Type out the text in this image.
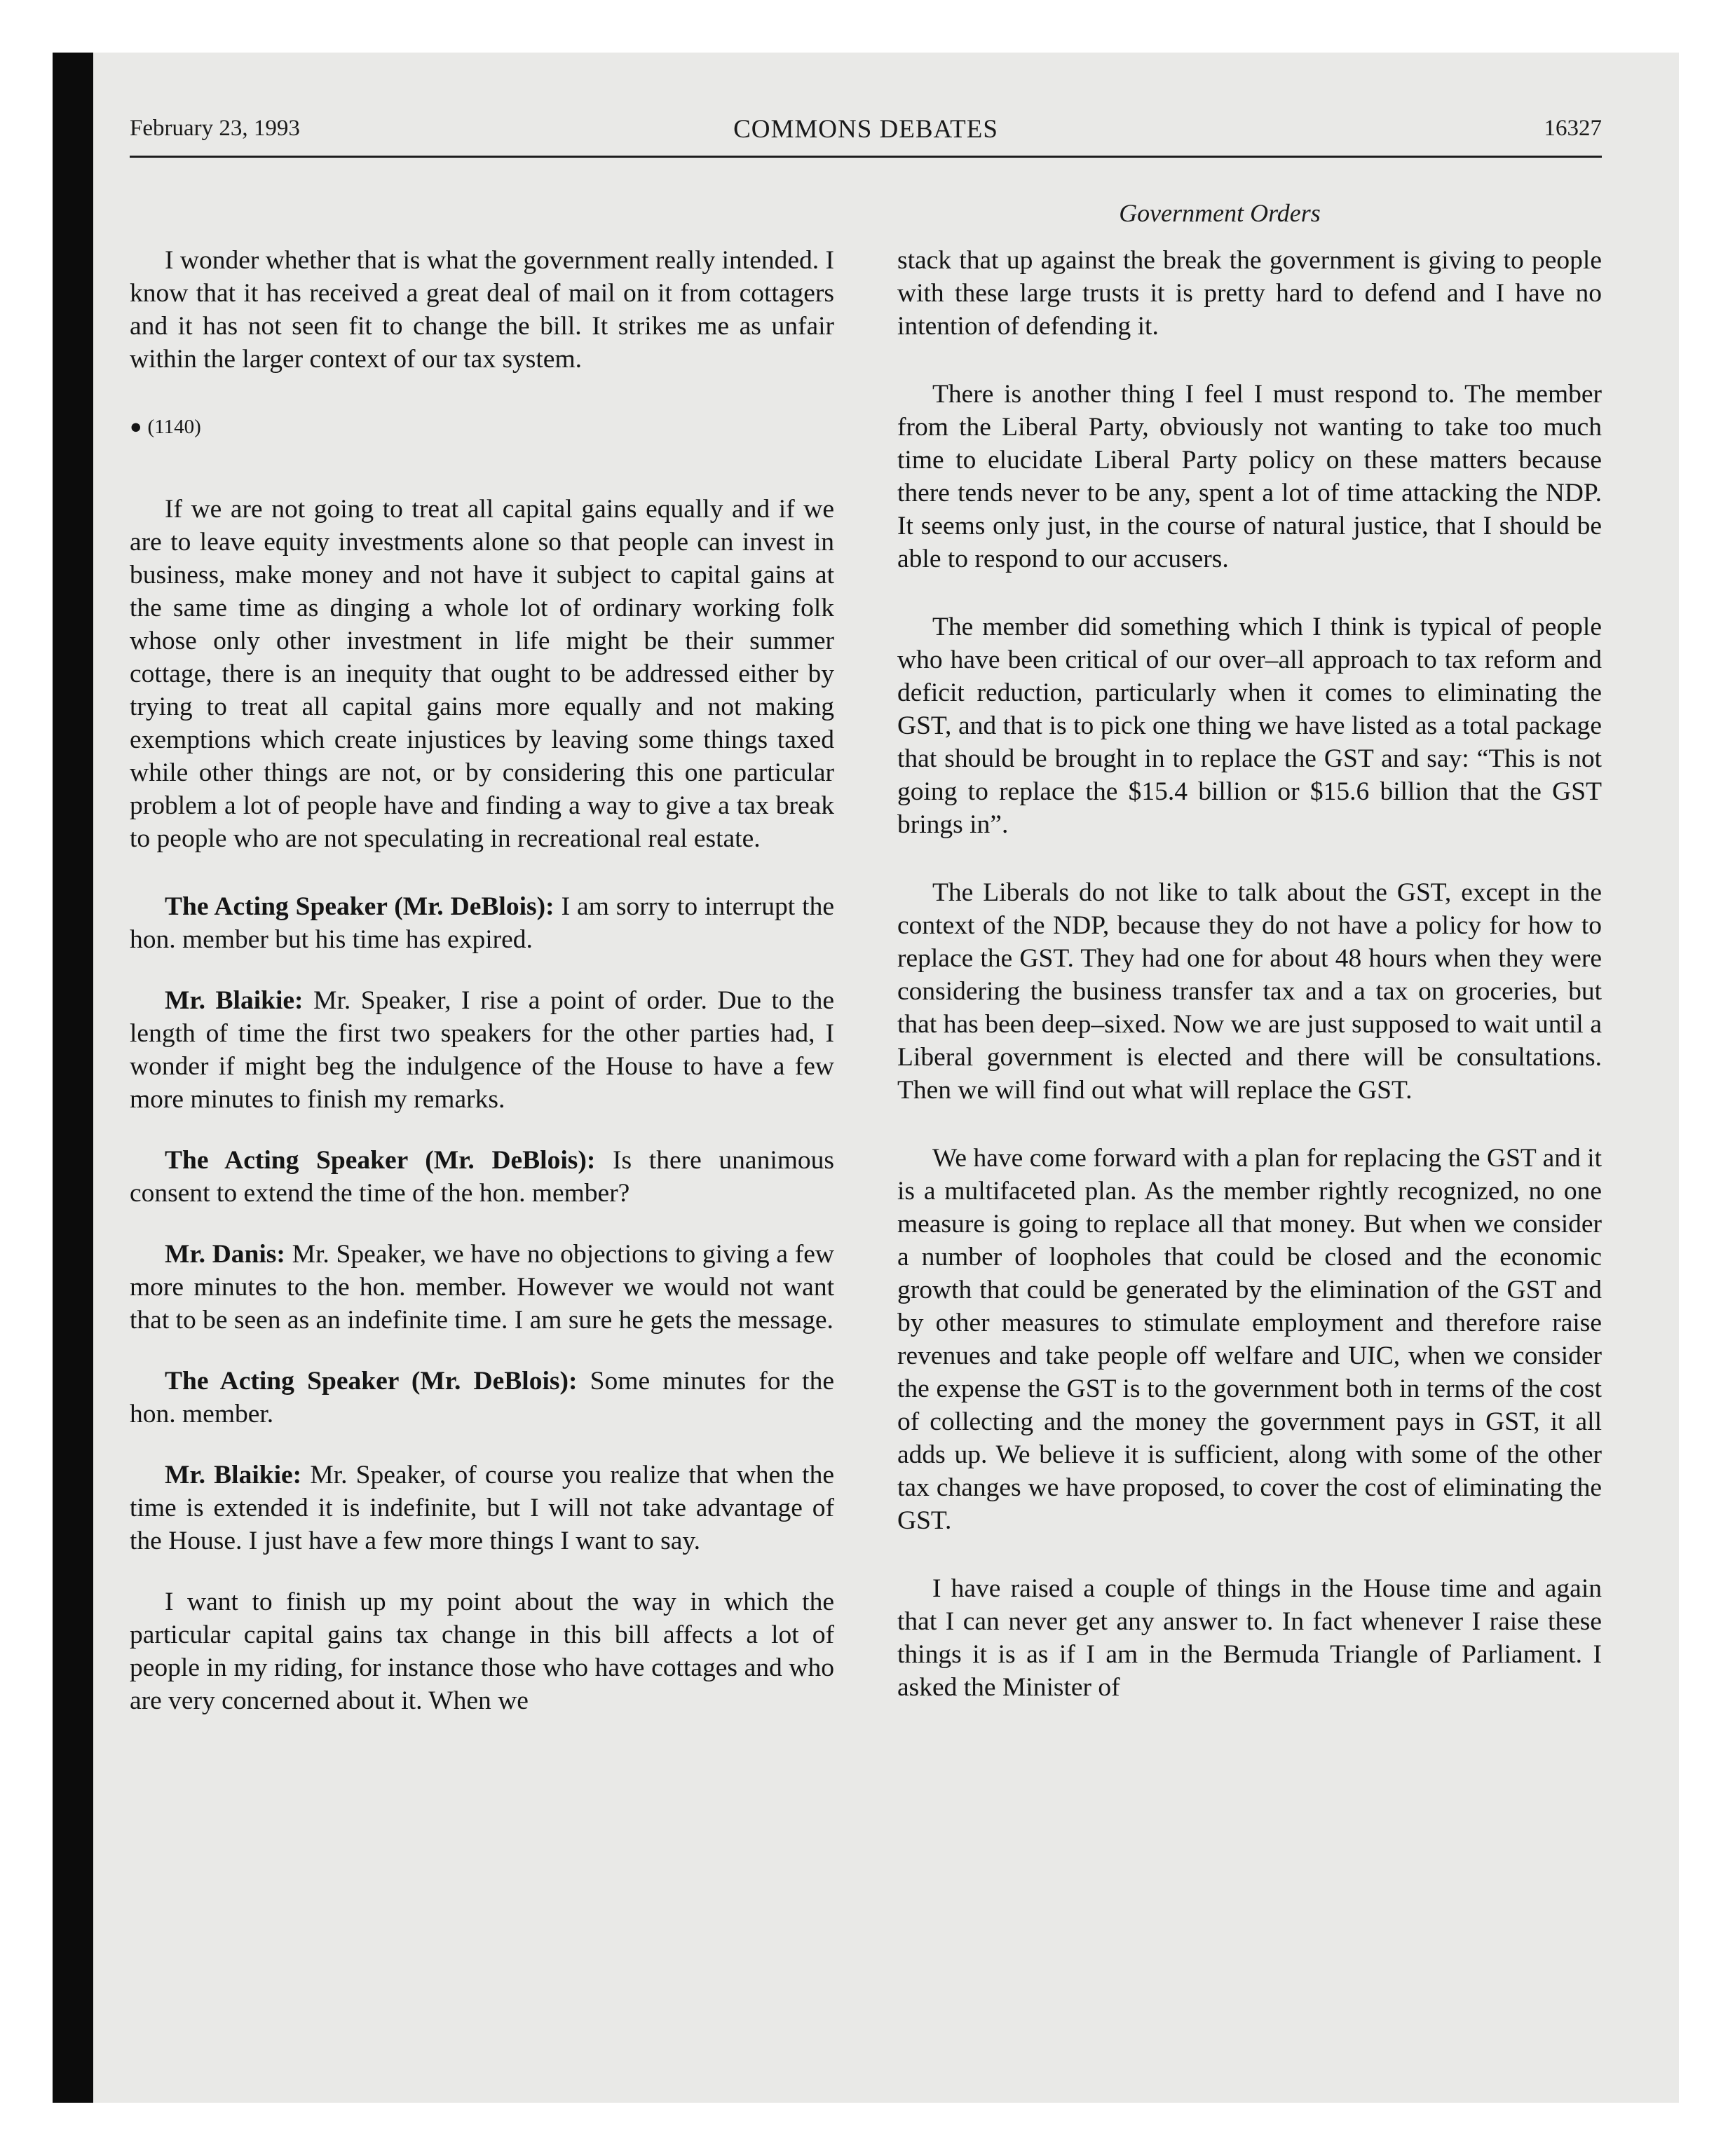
February 23, 1993	COMMONS DEBATES	16327
Government Orders

I wonder whether that is what the government really intended. I know that it has received a great deal of mail on it from cottagers and it has not seen fit to change the bill. It strikes me as unfair within the larger context of our tax system.

● (1140)

If we are not going to treat all capital gains equally and if we are to leave equity investments alone so that people can invest in business, make money and not have it subject to capital gains at the same time as dinging a whole lot of ordinary working folk whose only other investment in life might be their summer cottage, there is an inequity that ought to be addressed either by trying to treat all capital gains more equally and not making exemptions which create injustices by leaving some things taxed while other things are not, or by considering this one particular problem a lot of people have and finding a way to give a tax break to people who are not speculating in recreational real estate.

The Acting Speaker (Mr. DeBlois): I am sorry to interrupt the hon. member but his time has expired.

Mr. Blaikie: Mr. Speaker, I rise a point of order. Due to the length of time the first two speakers for the other parties had, I wonder if might beg the indulgence of the House to have a few more minutes to finish my remarks.

The Acting Speaker (Mr. DeBlois): Is there unanimous consent to extend the time of the hon. member?

Mr. Danis: Mr. Speaker, we have no objections to giving a few more minutes to the hon. member. However we would not want that to be seen as an indefinite time. I am sure he gets the message.

The Acting Speaker (Mr. DeBlois): Some minutes for the hon. member.

Mr. Blaikie: Mr. Speaker, of course you realize that when the time is extended it is indefinite, but I will not take advantage of the House. I just have a few more things I want to say.

I want to finish up my point about the way in which the particular capital gains tax change in this bill affects a lot of people in my riding, for instance those who have cottages and who are very concerned about it. When we

stack that up against the break the government is giving to people with these large trusts it is pretty hard to defend and I have no intention of defending it.

There is another thing I feel I must respond to. The member from the Liberal Party, obviously not wanting to take too much time to elucidate Liberal Party policy on these matters because there tends never to be any, spent a lot of time attacking the NDP. It seems only just, in the course of natural justice, that I should be able to respond to our accusers.

The member did something which I think is typical of people who have been critical of our over–all approach to tax reform and deficit reduction, particularly when it comes to eliminating the GST, and that is to pick one thing we have listed as a total package that should be brought in to replace the GST and say: “This is not going to replace the $15.4 billion or $15.6 billion that the GST brings in”.

The Liberals do not like to talk about the GST, except in the context of the NDP, because they do not have a policy for how to replace the GST. They had one for about 48 hours when they were considering the business transfer tax and a tax on groceries, but that has been deep–sixed. Now we are just supposed to wait until a Liberal government is elected and there will be consultations. Then we will find out what will replace the GST.

We have come forward with a plan for replacing the GST and it is a multifaceted plan. As the member rightly recognized, no one measure is going to replace all that money. But when we consider a number of loopholes that could be closed and the economic growth that could be generated by the elimination of the GST and by other measures to stimulate employment and therefore raise revenues and take people off welfare and UIC, when we consider the expense the GST is to the government both in terms of the cost of collecting and the money the government pays in GST, it all adds up. We believe it is sufficient, along with some of the other tax changes we have proposed, to cover the cost of eliminating the GST.

I have raised a couple of things in the House time and again that I can never get any answer to. In fact whenever I raise these things it is as if I am in the Bermuda Triangle of Parliament. I asked the Minister of
